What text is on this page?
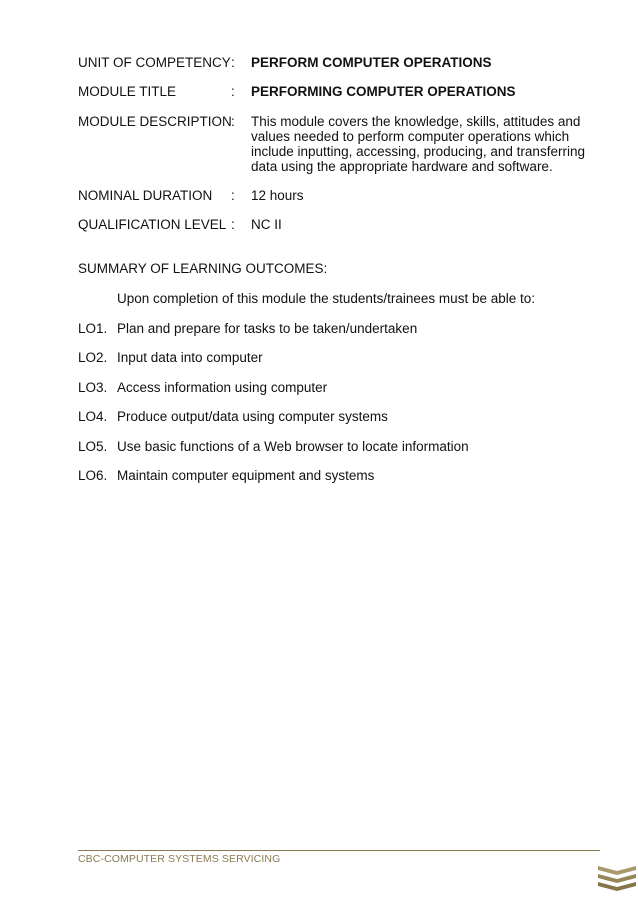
UNIT OF COMPETENCY : PERFORM COMPUTER OPERATIONS
MODULE TITLE	: PERFORMING COMPUTER OPERATIONS
MODULE DESCRIPTION : This module covers the knowledge, skills, attitudes and values needed to perform computer operations which include inputting, accessing, producing, and transferring data using the appropriate hardware and software.
NOMINAL DURATION : 12 hours
QUALIFICATION LEVEL : NC II
SUMMARY OF LEARNING OUTCOMES:
Upon completion of this module the students/trainees must be able to:
LO1. Plan and prepare for tasks to be taken/undertaken
LO2. Input data into computer
LO3. Access information using computer
LO4. Produce output/data using computer systems
LO5. Use basic functions of a Web browser to locate information
LO6. Maintain computer equipment and systems
CBC-COMPUTER SYSTEMS SERVICING
